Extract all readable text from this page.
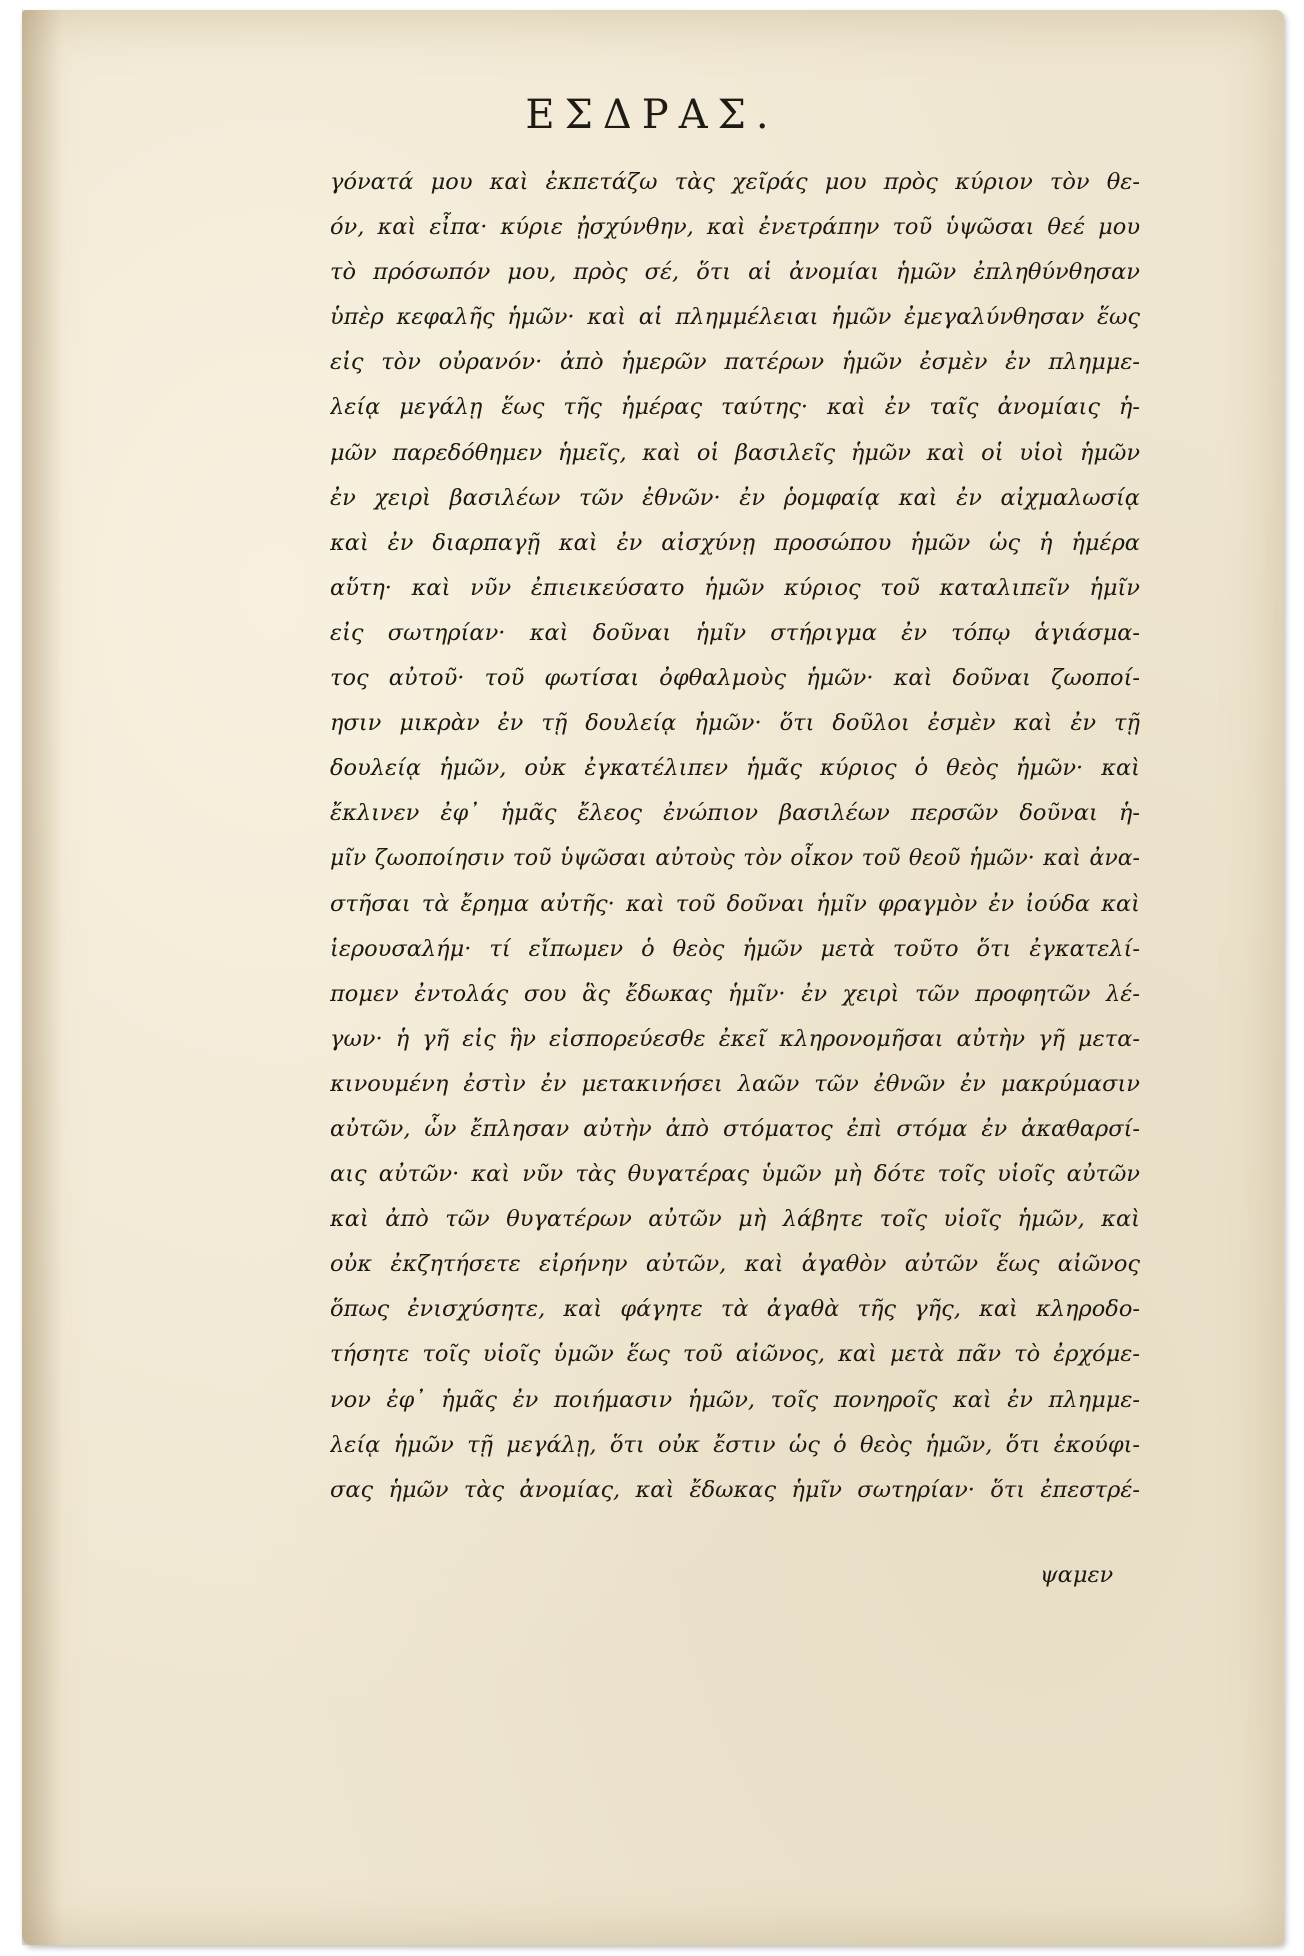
ΕΣΔΡΑΣ.
γόνατά μου καὶ ἐκπετάζω τὰς χεῖράς μου πρὸς κύριον τὸν θε-
όν, καὶ εἶπα· κύριε ᾐσχύνθην, καὶ ἐνετράπην τοῦ ὑψῶσαι θεέ μου
τὸ πρόσωπόν μου, πρὸς σέ, ὅτι αἱ ἀνομίαι ἡμῶν ἐπληθύνθησαν
ὑπὲρ κεφαλῆς ἡμῶν· καὶ αἱ πλημμέλειαι ἡμῶν ἐμεγαλύνθησαν ἕως
εἰς τὸν οὐρανόν· ἀπὸ ἡμερῶν πατέρων ἡμῶν ἐσμὲν ἐν πλημμε-
λείᾳ μεγάλῃ ἕως τῆς ἡμέρας ταύτης· καὶ ἐν ταῖς ἀνομίαις ἡ-
μῶν παρεδόθημεν ἡμεῖς, καὶ οἱ βασιλεῖς ἡμῶν καὶ οἱ υἱοὶ ἡμῶν
ἐν χειρὶ βασιλέων τῶν ἐθνῶν· ἐν ῥομφαίᾳ καὶ ἐν αἰχμαλωσίᾳ
καὶ ἐν διαρπαγῇ καὶ ἐν αἰσχύνῃ προσώπου ἡμῶν ὡς ἡ ἡμέρα
αὕτη· καὶ νῦν ἐπιεικεύσατο ἡμῶν κύριος τοῦ καταλιπεῖν ἡμῖν
εἰς σωτηρίαν· καὶ δοῦναι ἡμῖν στήριγμα ἐν τόπῳ ἁγιάσμα-
τος αὐτοῦ· τοῦ φωτίσαι ὀφθαλμοὺς ἡμῶν· καὶ δοῦναι ζωοποί-
ησιν μικρὰν ἐν τῇ δουλείᾳ ἡμῶν· ὅτι δοῦλοι ἐσμὲν καὶ ἐν τῇ
δουλείᾳ ἡμῶν, οὐκ ἐγκατέλιπεν ἡμᾶς κύριος ὁ θεὸς ἡμῶν· καὶ
ἔκλινεν ἐφ᾽ ἡμᾶς ἔλεος ἐνώπιον βασιλέων περσῶν δοῦναι ἡ-
μῖν ζωοποίησιν τοῦ ὑψῶσαι αὐτοὺς τὸν οἶκον τοῦ θεοῦ ἡμῶν· καὶ ἀνα-
στῆσαι τὰ ἔρημα αὐτῆς· καὶ τοῦ δοῦναι ἡμῖν φραγμὸν ἐν ἰούδα καὶ
ἱερουσαλήμ· τί εἴπωμεν ὁ θεὸς ἡμῶν μετὰ τοῦτο ὅτι ἐγκατελί-
πομεν ἐντολάς σου ἃς ἔδωκας ἡμῖν· ἐν χειρὶ τῶν προφητῶν λέ-
γων· ἡ γῆ εἰς ἣν εἰσπορεύεσθε ἐκεῖ κληρονομῆσαι αὐτὴν γῆ μετα-
κινουμένη ἐστὶν ἐν μετακινήσει λαῶν τῶν ἐθνῶν ἐν μακρύμασιν
αὐτῶν, ὧν ἔπλησαν αὐτὴν ἀπὸ στόματος ἐπὶ στόμα ἐν ἀκαθαρσί-
αις αὐτῶν· καὶ νῦν τὰς θυγατέρας ὑμῶν μὴ δότε τοῖς υἱοῖς αὐτῶν
καὶ ἀπὸ τῶν θυγατέρων αὐτῶν μὴ λάβητε τοῖς υἱοῖς ἡμῶν, καὶ
οὐκ ἐκζητήσετε εἰρήνην αὐτῶν, καὶ ἀγαθὸν αὐτῶν ἕως αἰῶνος
ὅπως ἐνισχύσητε, καὶ φάγητε τὰ ἀγαθὰ τῆς γῆς, καὶ κληροδο-
τήσητε τοῖς υἱοῖς ὑμῶν ἕως τοῦ αἰῶνος, καὶ μετὰ πᾶν τὸ ἐρχόμε-
νον ἐφ᾽ ἡμᾶς ἐν ποιήμασιν ἡμῶν, τοῖς πονηροῖς καὶ ἐν πλημμε-
λείᾳ ἡμῶν τῇ μεγάλῃ, ὅτι οὐκ ἔστιν ὡς ὁ θεὸς ἡμῶν, ὅτι ἐκούφι-
σας ἡμῶν τὰς ἀνομίας, καὶ ἔδωκας ἡμῖν σωτηρίαν· ὅτι ἐπεστρέ-
ψαμεν
